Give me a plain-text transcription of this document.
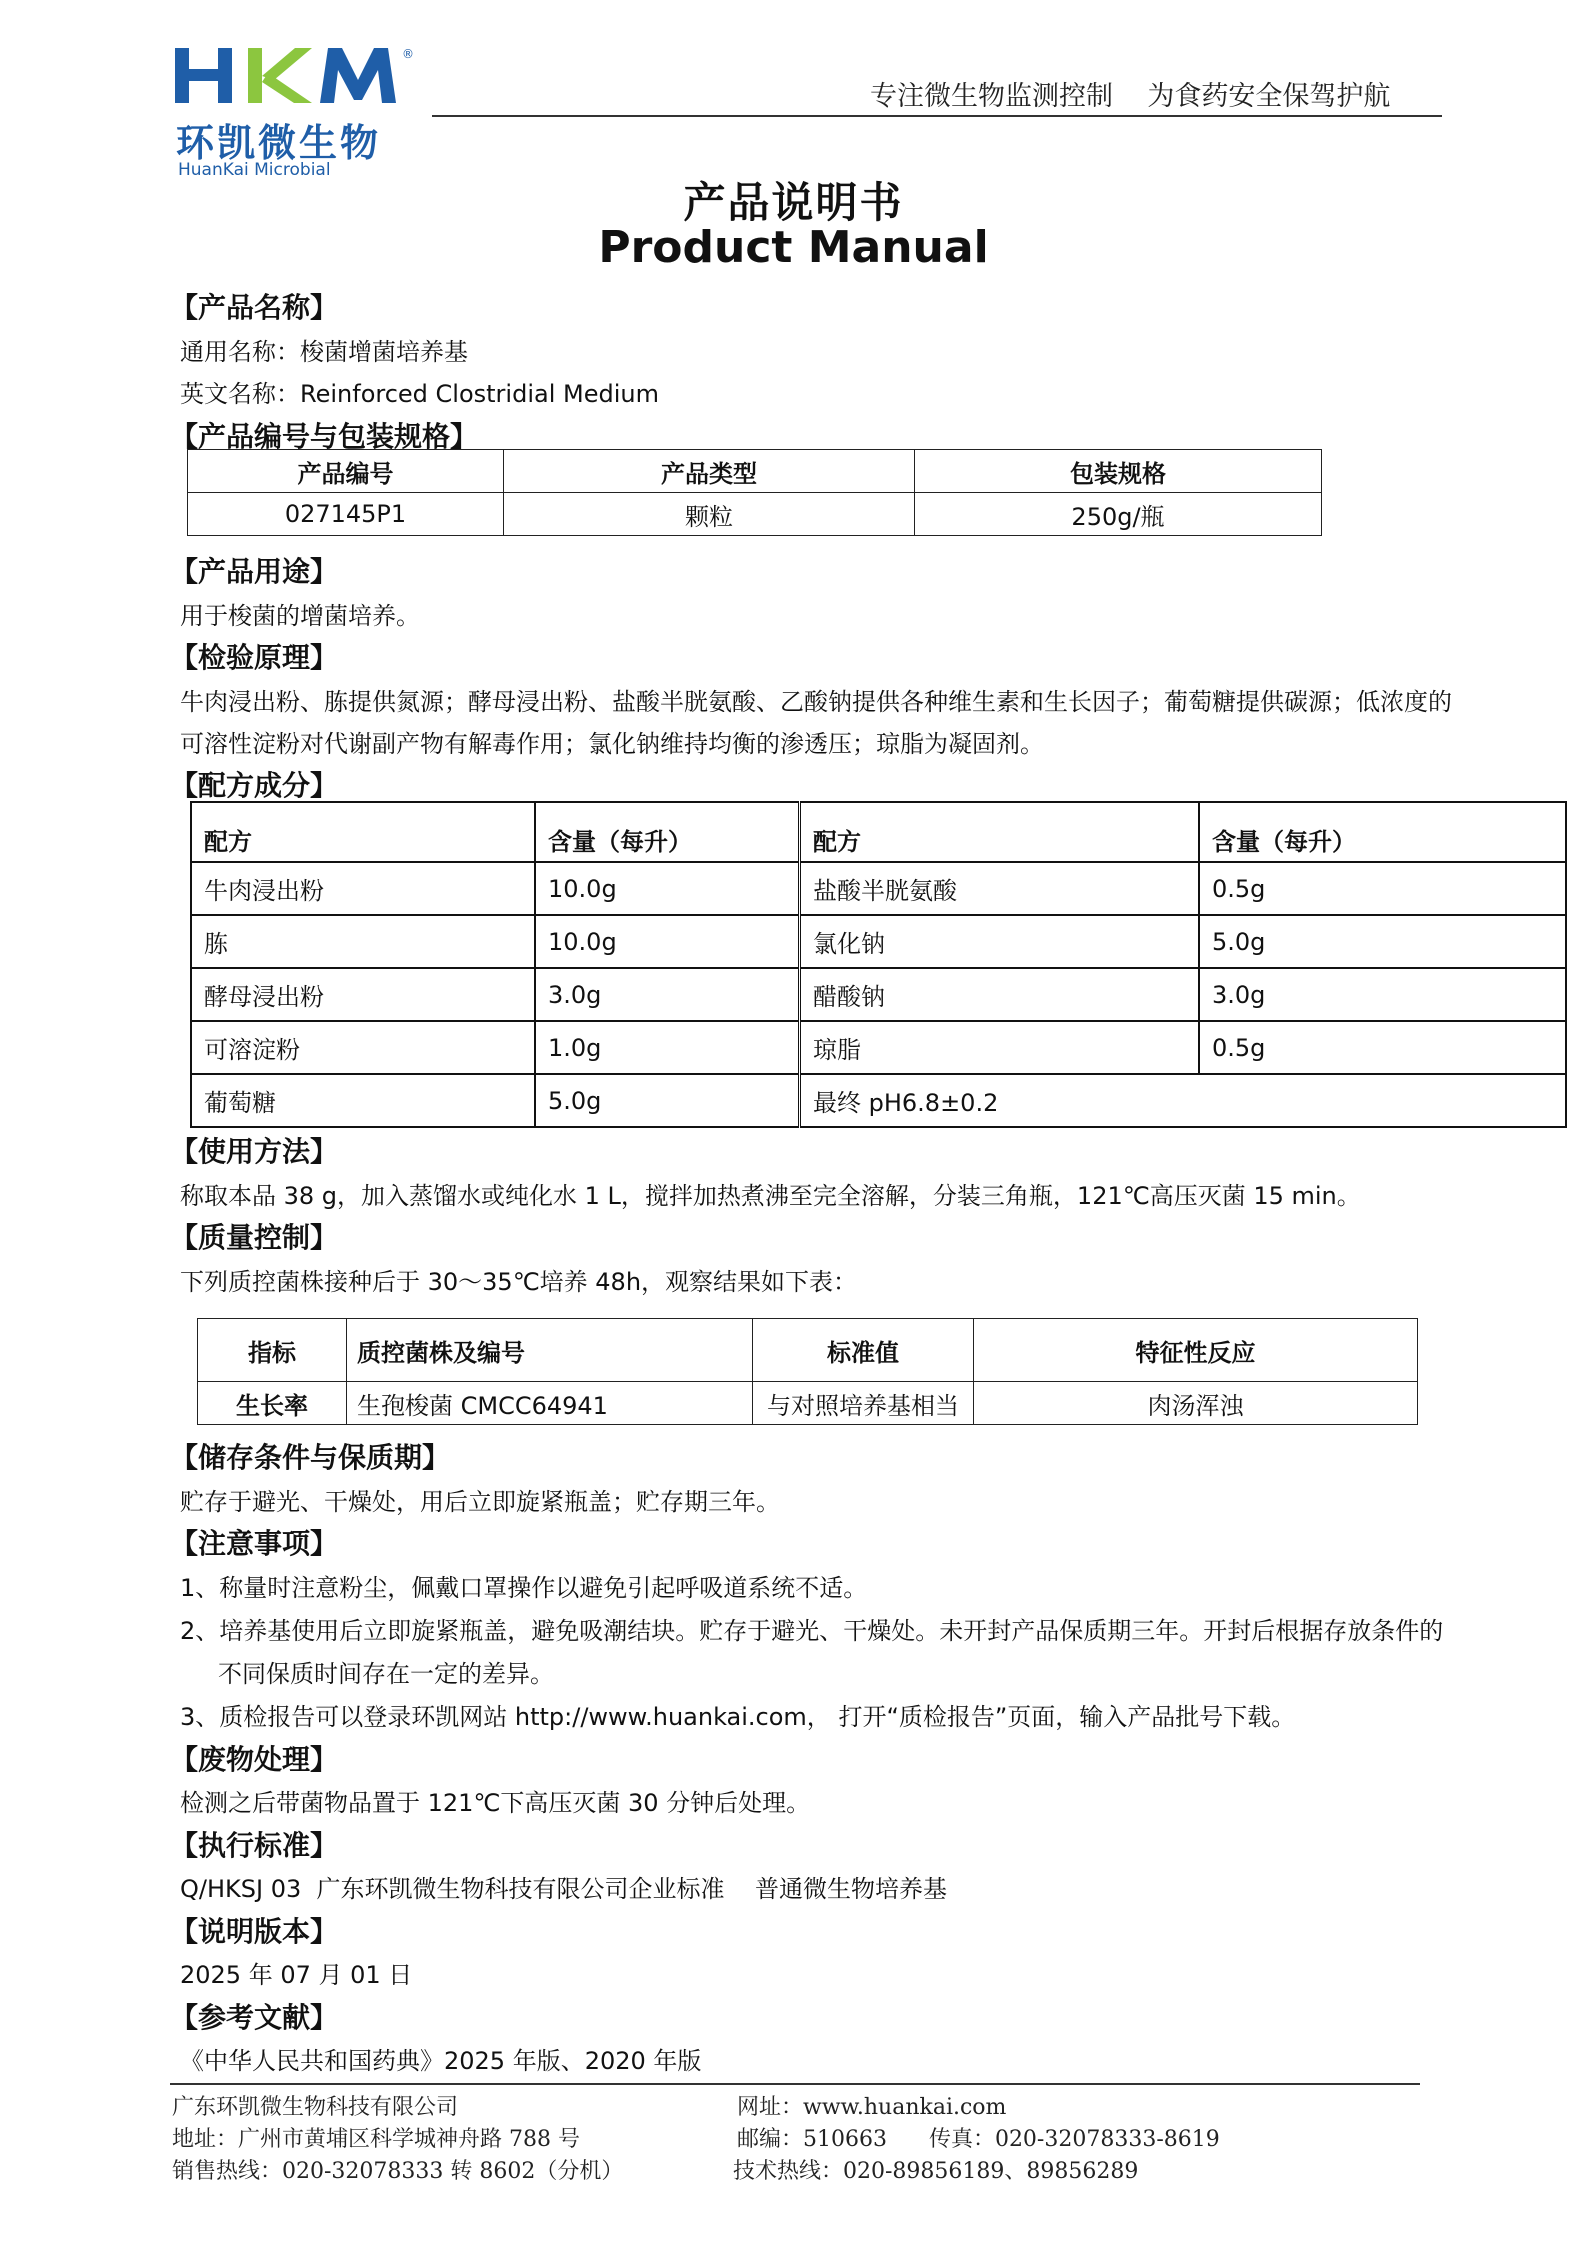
®
环凯微生物
HuanKai Microbial
专注微生物监测控制    为食药安全保驾护航
产品说明书
Product Manual
【产品名称】
通用名称：梭菌增菌培养基
英文名称：Reinforced Clostridial Medium
【产品编号与包装规格】
产品编号	产品类型	包装规格
027145P1	颗粒	250g/瓶
【产品用途】
用于梭菌的增菌培养。
【检验原理】
牛肉浸出粉、胨提供氮源；酵母浸出粉、盐酸半胱氨酸、乙酸钠提供各种维生素和生长因子；葡萄糖提供碳源；低浓度的
可溶性淀粉对代谢副产物有解毒作用；氯化钠维持均衡的渗透压；琼脂为凝固剂。
【配方成分】
配方	含量（每升）	配方	含量（每升）
牛肉浸出粉	10.0g	盐酸半胱氨酸	0.5g
胨	10.0g	氯化钠	5.0g
酵母浸出粉	3.0g	醋酸钠	3.0g
可溶淀粉	1.0g	琼脂	0.5g
葡萄糖	5.0g	最终 pH6.8±0.2	
【使用方法】
称取本品 38 g，加入蒸馏水或纯化水 1 L，搅拌加热煮沸至完全溶解，分装三角瓶，121℃高压灭菌 15 min。
【质量控制】
下列质控菌株接种后于 30～35℃培养 48h，观察结果如下表：
指标	质控菌株及编号	标准值	特征性反应
生长率	生孢梭菌 CMCC64941	与对照培养基相当	肉汤浑浊
【储存条件与保质期】
贮存于避光、干燥处，用后立即旋紧瓶盖；贮存期三年。
【注意事项】
1、称量时注意粉尘，佩戴口罩操作以避免引起呼吸道系统不适。
2、培养基使用后立即旋紧瓶盖，避免吸潮结块。贮存于避光、干燥处。未开封产品保质期三年。开封后根据存放条件的
不同保质时间存在一定的差异。
3、质检报告可以登录环凯网站 http://www.huankai.com， 打开“质检报告”页面，输入产品批号下载。
【废物处理】
检测之后带菌物品置于 121℃下高压灭菌 30 分钟后处理。
【执行标准】
Q/HKSJ 03  广东环凯微生物科技有限公司企业标准    普通微生物培养基
【说明版本】
2025 年 07 月 01 日
【参考文献】
《中华人民共和国药典》2025 年版、2020 年版
广东环凯微生物科技有限公司
地址：广州市黄埔区科学城神舟路 788 号
销售热线：020-32078333 转 8602（分机）
网址：www.huankai.com
邮编：510663      传真：020-32078333-8619
技术热线：020-89856189、89856289
